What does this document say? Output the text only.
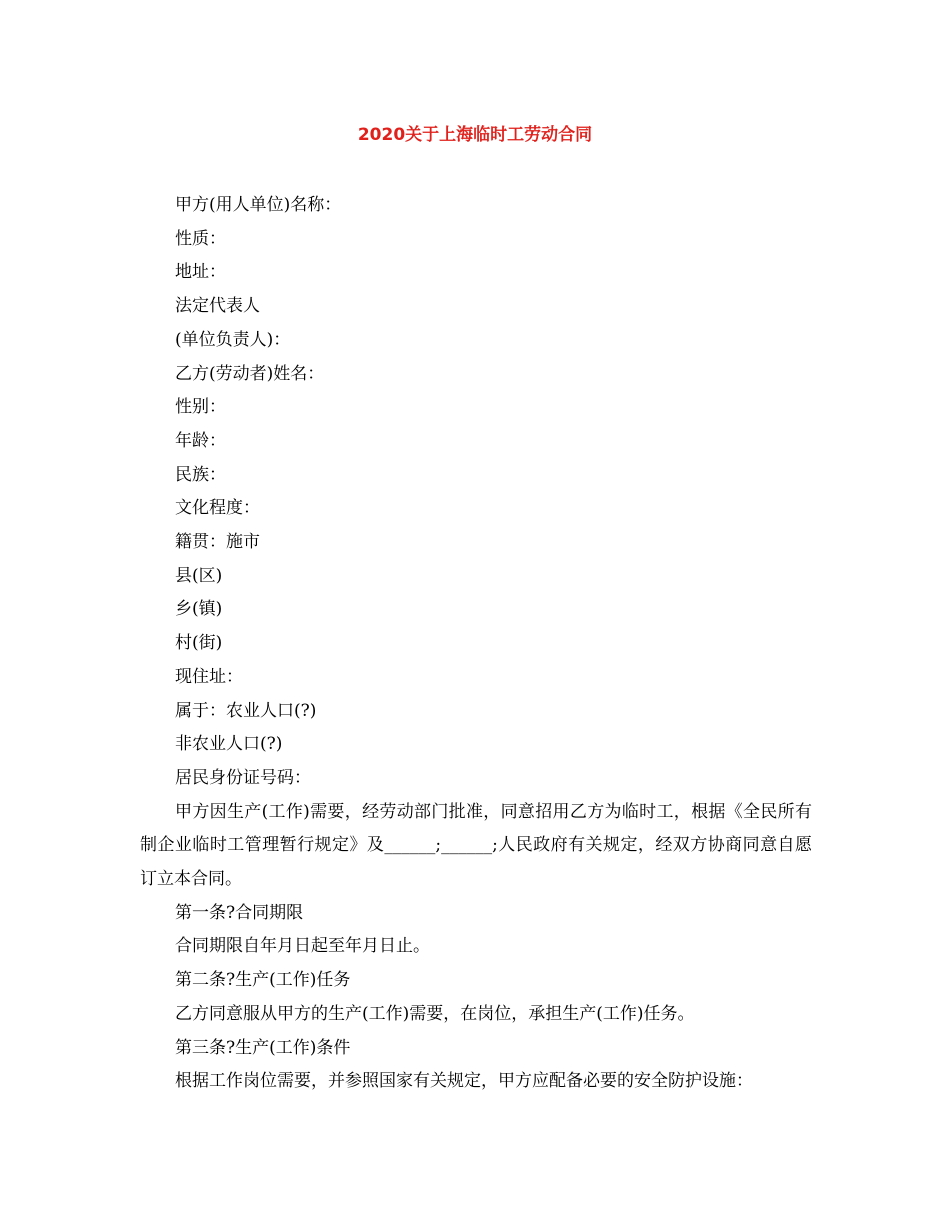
2020关于上海临时工劳动合同

甲方(用人单位)名称：

性质：

地址：

法定代表人

(单位负责人)：

乙方(劳动者)姓名：

性别：

年龄：

民族：

文化程度：

籍贯：施市

县(区)

乡(镇)

村(街)

现住址：

属于：农业人口(?)

非农业人口(?)

居民身份证号码：

甲方因生产(工作)需要，经劳动部门批准，同意招用乙方为临时工，根据《全民所有制企业临时工管理暂行规定》及______;______;人民政府有关规定，经双方协商同意自愿订立本合同。

第一条?合同期限

合同期限自年月日起至年月日止。

第二条?生产(工作)任务

乙方同意服从甲方的生产(工作)需要，在岗位，承担生产(工作)任务。

第三条?生产(工作)条件

根据工作岗位需要，并参照国家有关规定，甲方应配备必要的安全防护设施：
